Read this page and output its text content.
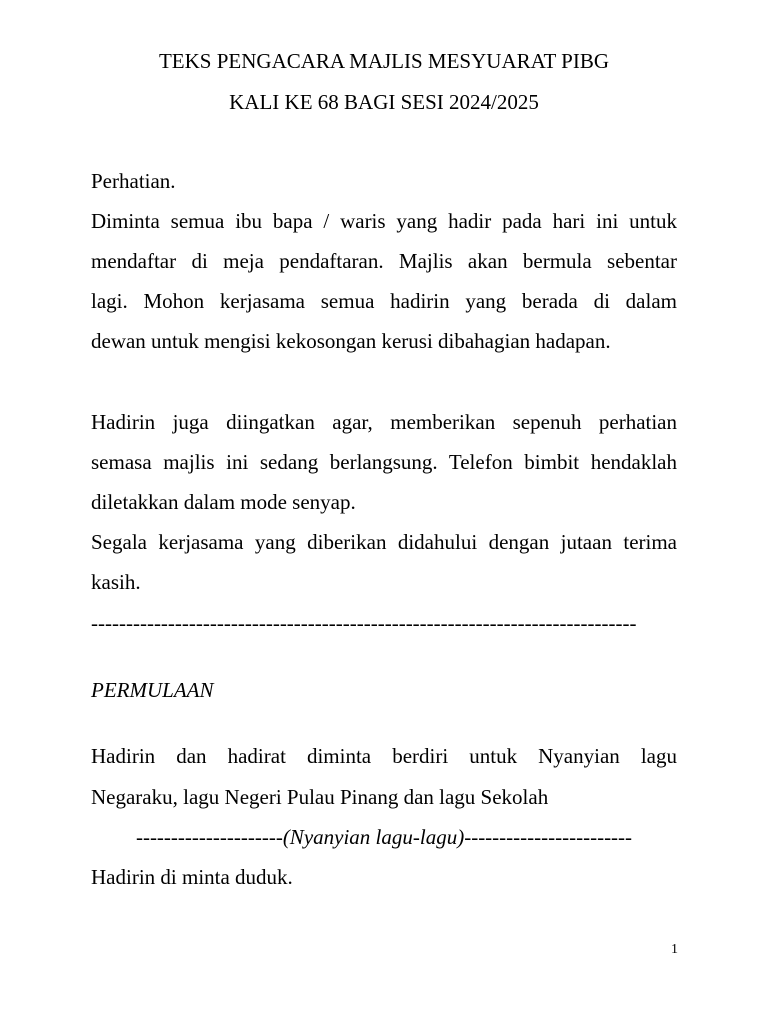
TEKS PENGACARA MAJLIS MESYUARAT PIBG
KALI KE 68 BAGI SESI 2024/2025
Perhatian.
Diminta semua ibu bapa / waris yang hadir pada hari ini untuk
mendaftar di meja pendaftaran. Majlis akan bermula sebentar
lagi. Mohon kerjasama semua hadirin yang berada di dalam
dewan untuk mengisi kekosongan kerusi dibahagian hadapan.
Hadirin juga diingatkan agar, memberikan sepenuh perhatian
semasa majlis ini sedang berlangsung. Telefon bimbit hendaklah
diletakkan dalam mode senyap.
Segala kerjasama yang diberikan didahului dengan jutaan terima
kasih.
------------------------------------------------------------------------------
PERMULAAN
Hadirin dan hadirat diminta berdiri untuk Nyanyian lagu
Negaraku, lagu Negeri Pulau Pinang dan lagu Sekolah
---------------------(Nyanyian lagu-lagu)------------------------
Hadirin di minta duduk.
1
